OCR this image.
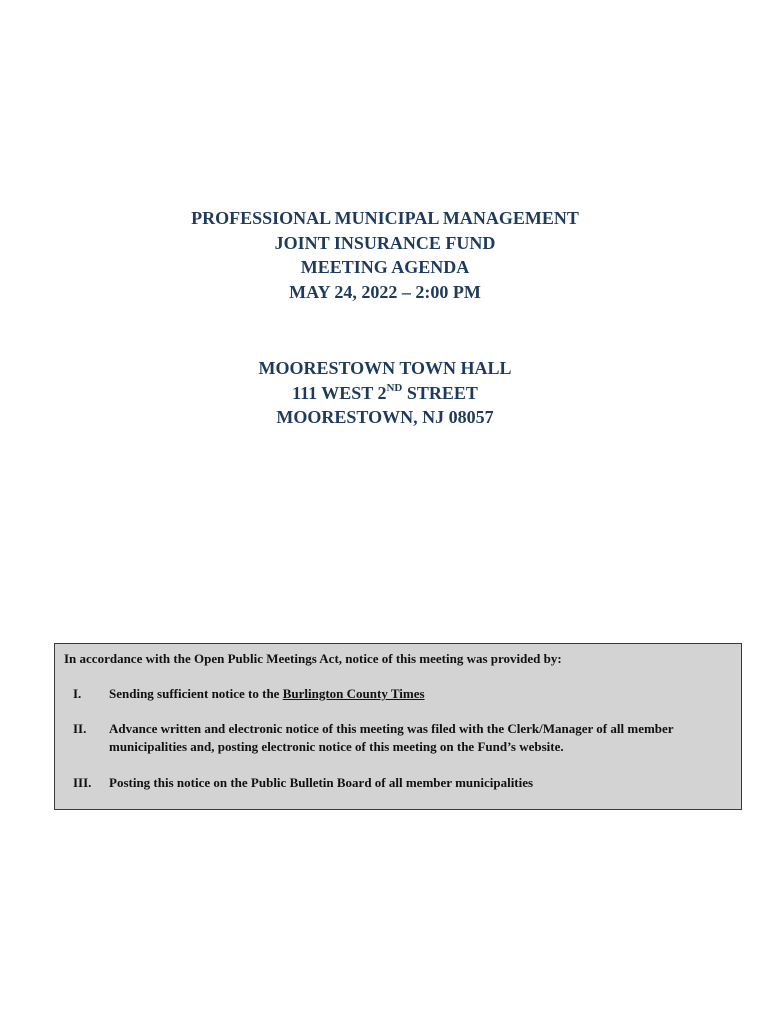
PROFESSIONAL MUNICIPAL MANAGEMENT
JOINT INSURANCE FUND
MEETING AGENDA
MAY 24, 2022 – 2:00 PM
MOORESTOWN TOWN HALL
111 WEST 2ND STREET
MOORESTOWN, NJ 08057
In accordance with the Open Public Meetings Act, notice of this meeting was provided by:
I.	Sending sufficient notice to the Burlington County Times
II.	Advance written and electronic notice of this meeting was filed with the Clerk/Manager of all member municipalities and, posting electronic notice of this meeting on the Fund’s website.
III.	Posting this notice on the Public Bulletin Board of all member municipalities
